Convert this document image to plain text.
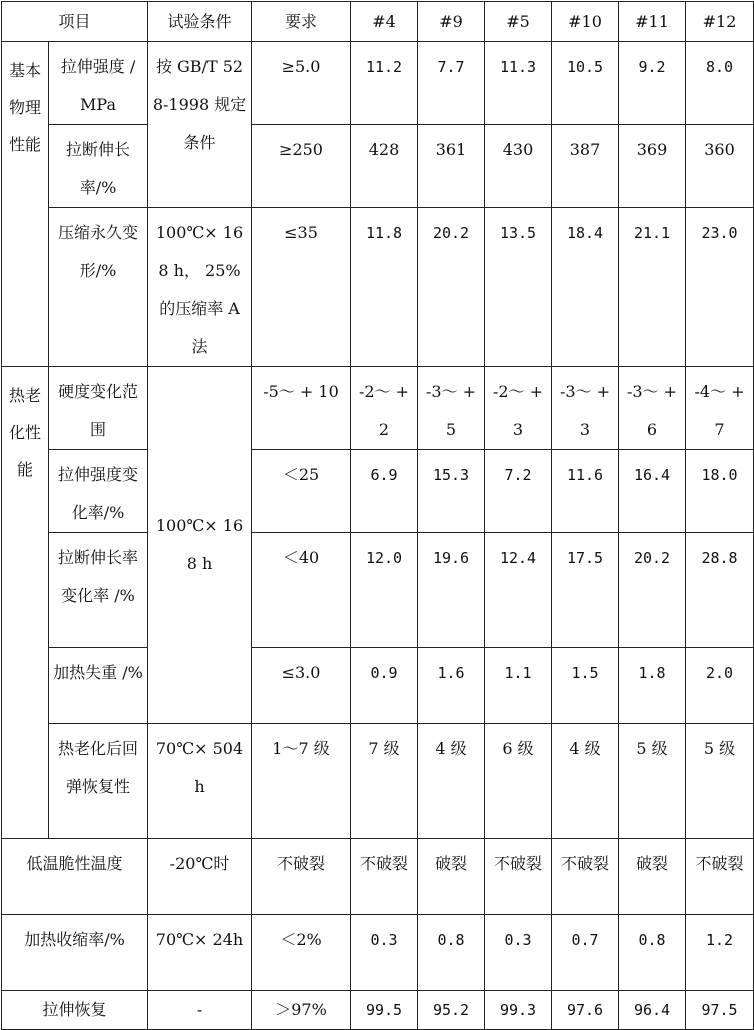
项目		试验条件	要求	#4	#9	#5	#10	#11	#12
基本物理性能	拉伸强度 /MPa	按 GB/T 528-1998 规定条件	≥5.0	11.2	7.7	11.3	10.5	9.2	8.0
	拉断伸长率/%		≥250	428	361	430	387	369	360
	压缩永久变形/%	100℃× 168 h， 25%的压缩率 A 法	≤35	11.8	20.2	13.5	18.4	21.1	23.0
热老化性能	硬度变化范围	100℃× 168 h	-5～ + 10	-2～ + 2	-3～ + 5	-2～ + 3	-3～ + 3	-3～ + 6	-4～ + 7
	拉伸强度变化率/%		＜25	6.9	15.3	7.2	11.6	16.4	18.0
	拉断伸长率变化率 /%		＜40	12.0	19.6	12.4	17.5	20.2	28.8
	加热失重 /%		≤3.0	0.9	1.6	1.1	1.5	1.8	2.0
	热老化后回弹恢复性	70℃× 504 h	1～7 级	7 级	4 级	6 级	4 级	5 级	5 级
低温脆性温度		-20℃时	不破裂	不破裂	破裂	不破裂	不破裂	破裂	不破裂
加热收缩率/%		70℃× 24h	＜2%	0.3	0.8	0.3	0.7	0.8	1.2
拉伸恢复		-	＞97%	99.5	95.2	99.3	97.6	96.4	97.5
